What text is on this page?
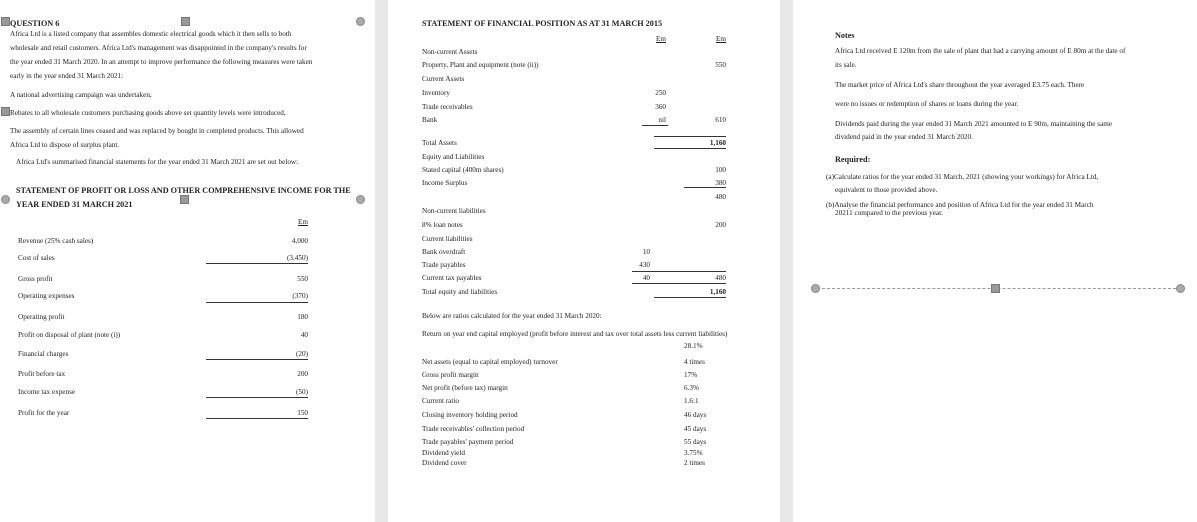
QUESTION 6
Africa Ltd is a listed company that assembles domestic electrical goods which it then sells to both
wholesale and retail customers. Africa Ltd's management was disappointed in the company's results for
the year ended 31 March 2020. In an attempt to improve performance the following measures were taken
early in the year ended 31 March 2021:
A national advertising campaign was undertaken,
Rebates to all wholesale customers purchasing goods above set quantity levels were introduced,
The assembly of certain lines ceased and was replaced by bought in completed products. This allowed
Africa Ltd to dispose of surplus plant.
Africa Ltd's summarised financial statements for the year ended 31 March 2021 are set out below:
STATEMENT OF PROFIT OR LOSS AND OTHER COMPREHENSIVE INCOME FOR THE
YEAR ENDED 31 MARCH 2021
Em
Revenue (25% cash sales)	4,000
Cost of sales	(3,450)
Gross profit	550
Operating expenses	(370)
Operating profit	180
Profit on disposal of plant (note (i))	40
Financial charges	(20)
Profit before tax	200
Income tax expense	(50)
Profit for the year	150
STATEMENT OF FINANCIAL POSITION AS AT 31 MARCH 2015
Em	Em
Non-current Assets
Property, Plant and equipment (note (ii))	550
Current Assets
Inventory	250
Trade receivables	360
Bank	nil	610
Total Assets	1,160
Equity and Liabilities
Stated capital (400m shares)	100
Income Surplus	380
480
Non-current liabilities
8% loan notes	200
Current liabilities
Bank overdraft	10
Trade payables	430
Current tax payables	40	480
Total equity and liabilities	1,160
Below are ratios calculated for the year ended 31 March 2020:
Return on year end capital employed (profit before interest and tax over total assets less current liabilities)
28.1%
Net assets (equal to capital employed) turnover	4 times
Gross profit margin	17%
Net profit (before tax) margin	6.3%
Current ratio	1.6:1
Closing inventory holding period	46 days
Trade receivables' collection period	45 days
Trade payables' payment period	55 days
Dividend yield	3.75%
Dividend cover	2 times
Notes
Africa Ltd received E 120m from the sale of plant that had a carrying amount of E 80m at the date of
its sale.
The market price of Africa Ltd's share throughout the year averaged E3.75 each. There
were no issues or redemption of shares or loans during the year.
Dividends paid during the year ended 31 March 2021 amounted to E 90m, maintaining the same
dividend paid in the year ended 31 March 2020.
Required:
(a)Calculate ratios for the year ended 31 March, 2021 (showing your workings) for Africa Ltd,
equivalent to those provided above.
(b)Analyse the financial performance and position of Africa Ltd for the year ended 31 March
20211 compared to the previous year.
